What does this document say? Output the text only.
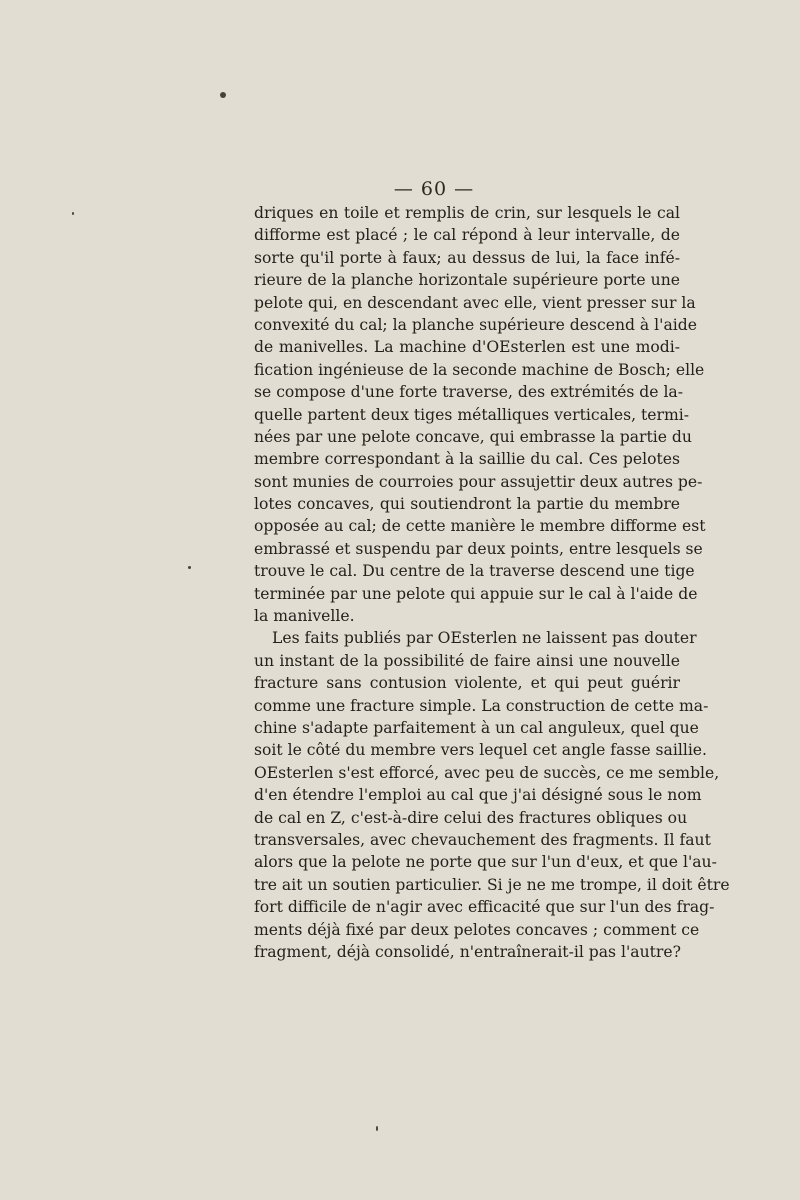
— 60 —
driques en toile et remplis de crin, sur lesquels le cal
difforme est placé ; le cal répond à leur intervalle, de
sorte qu'il porte à faux; au dessus de lui, la face infé-
rieure de la planche horizontale supérieure porte une
pelote qui, en descendant avec elle, vient presser sur la
convexité du cal; la planche supérieure descend à l'aide
de manivelles. La machine d'OEsterlen est une modi-
fication ingénieuse de la seconde machine de Bosch; elle
se compose d'une forte traverse, des extrémités de la-
quelle partent deux tiges métalliques verticales, termi-
nées par une pelote concave, qui embrasse la partie du
membre correspondant à la saillie du cal. Ces pelotes
sont munies de courroies pour assujettir deux autres pe-
lotes concaves, qui soutiendront la partie du membre
opposée au cal; de cette manière le membre difforme est
embrassé et suspendu par deux points, entre lesquels se
trouve le cal. Du centre de la traverse descend une tige
terminée par une pelote qui appuie sur le cal à l'aide de
la manivelle.
Les faits publiés par OEsterlen ne laissent pas douter
un instant de la possibilité de faire ainsi une nouvelle
fracture sans contusion violente, et qui peut guérir
comme une fracture simple. La construction de cette ma-
chine s'adapte parfaitement à un cal anguleux, quel que
soit le côté du membre vers lequel cet angle fasse saillie.
OEsterlen s'est efforcé, avec peu de succès, ce me semble,
d'en étendre l'emploi au cal que j'ai désigné sous le nom
de cal en Z, c'est-à-dire celui des fractures obliques ou
transversales, avec chevauchement des fragments. Il faut
alors que la pelote ne porte que sur l'un d'eux, et que l'au-
tre ait un soutien particulier. Si je ne me trompe, il doit être
fort difficile de n'agir avec efficacité que sur l'un des frag-
ments déjà fixé par deux pelotes concaves ; comment ce
fragment, déjà consolidé, n'entraînerait-il pas l'autre?
